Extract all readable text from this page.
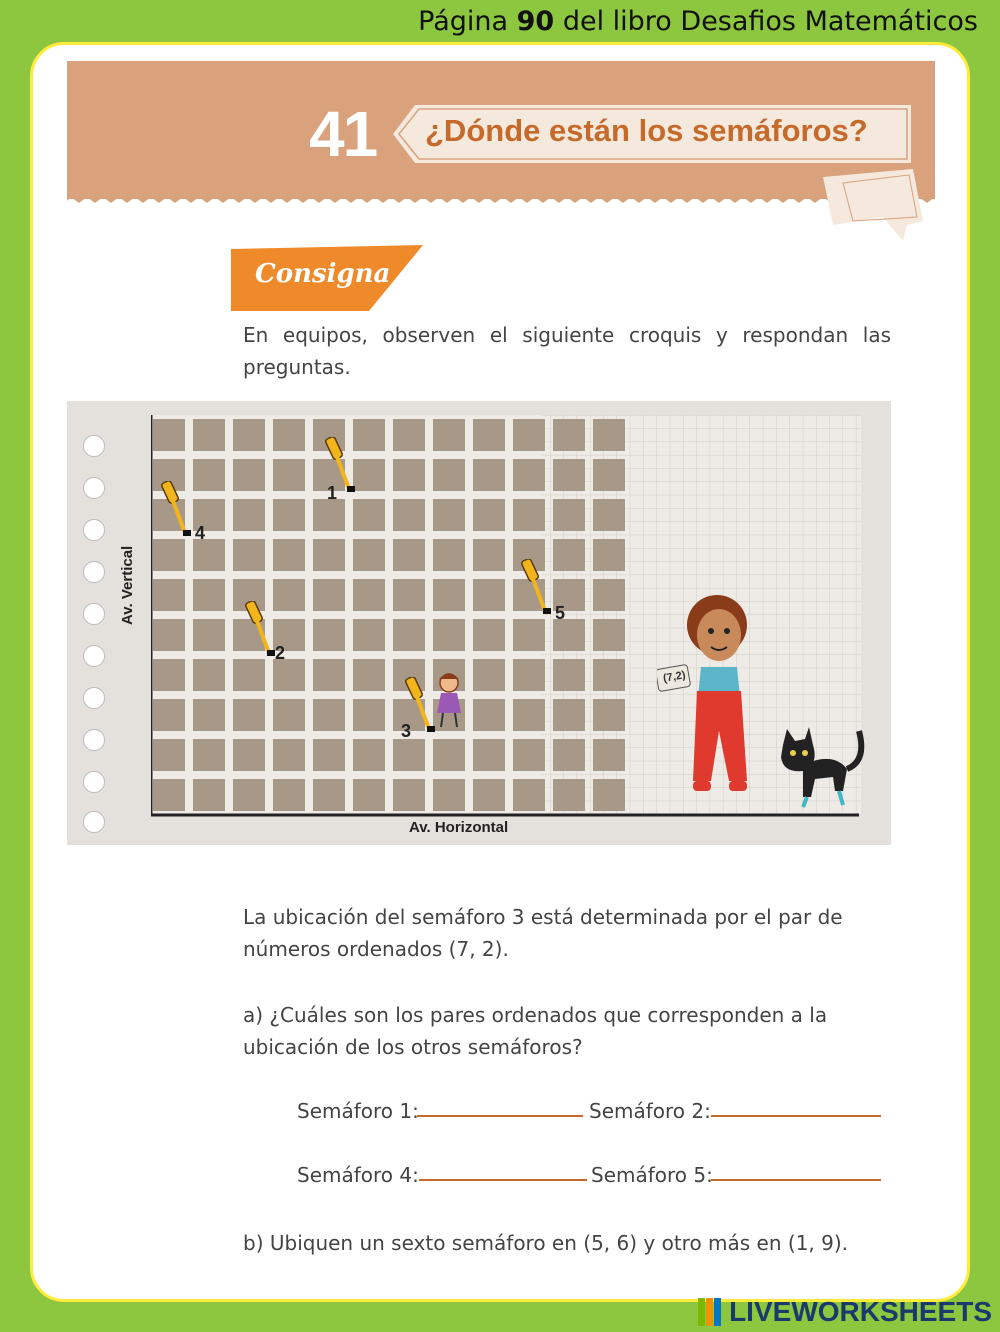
Página 90 del libro Desafios Matemáticos
41 ¿Dónde están los semáforos?
Consigna
En equipos, observen el siguiente croquis y respondan las
preguntas.
Av. Vertical
Av. Horizontal
1
4
2
5
3
(7,2)
La ubicación del semáforo 3 está determinada por el par de números ordenados (7, 2).
a) ¿Cuáles son los pares ordenados que corresponden a la ubicación de los otros semáforos?
Semáforo 1:	Semáforo 2:
Semáforo 4:	Semáforo 5:
b) Ubiquen un sexto semáforo en (5, 6) y otro más en (1, 9).
LIVEWORKSHEETS
